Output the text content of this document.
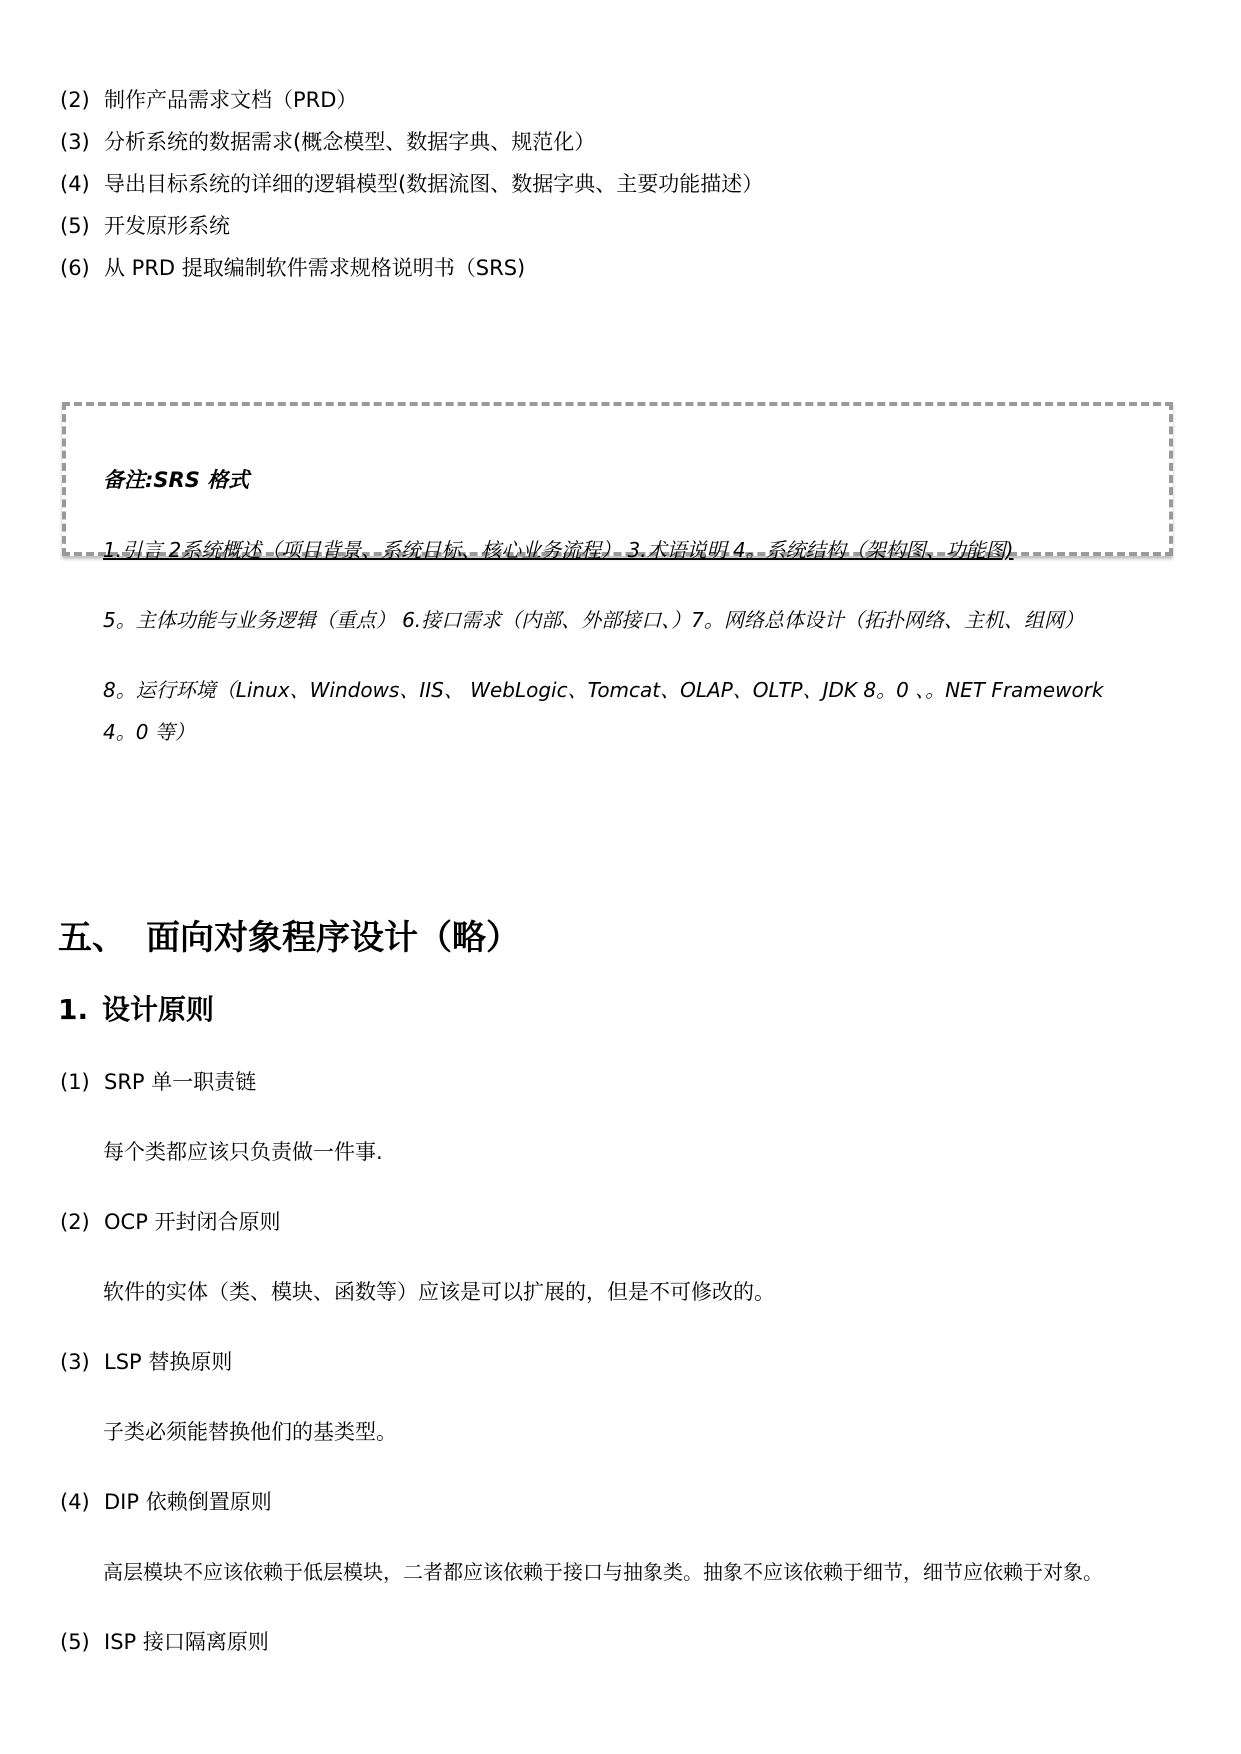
(2) 制作产品需求文档（PRD）
(3) 分析系统的数据需求(概念模型、数据字典、规范化）
(4) 导出目标系统的详细的逻辑模型(数据流图、数据字典、主要功能描述）
(5) 开发原形系统
(6) 从 PRD 提取编制软件需求规格说明书（SRS)
备注:SRS 格式
1.引言 2系统概述（项目背景、系统目标、核心业务流程） 3.术语说明 4。系统结构（架构图、功能图)
5。主体功能与业务逻辑（重点） 6.接口需求（内部、外部接口、）7。网络总体设计（拓扑网络、主机、组网）
8。运行环境（Linux、Windows、IIS、 WebLogic、Tomcat、OLAP、OLTP、JDK 8。0 、。NET Framework
4。0 等）
五、 面向对象程序设计（略）
1. 设计原则
(1) SRP 单一职责链
每个类都应该只负责做一件事.
(2) OCP 开封闭合原则
软件的实体（类、模块、函数等）应该是可以扩展的，但是不可修改的。
(3) LSP 替换原则
子类必须能替换他们的基类型。
(4) DIP 依赖倒置原则
高层模块不应该依赖于低层模块，二者都应该依赖于接口与抽象类。抽象不应该依赖于细节，细节应依赖于对象。
(5) ISP 接口隔离原则
